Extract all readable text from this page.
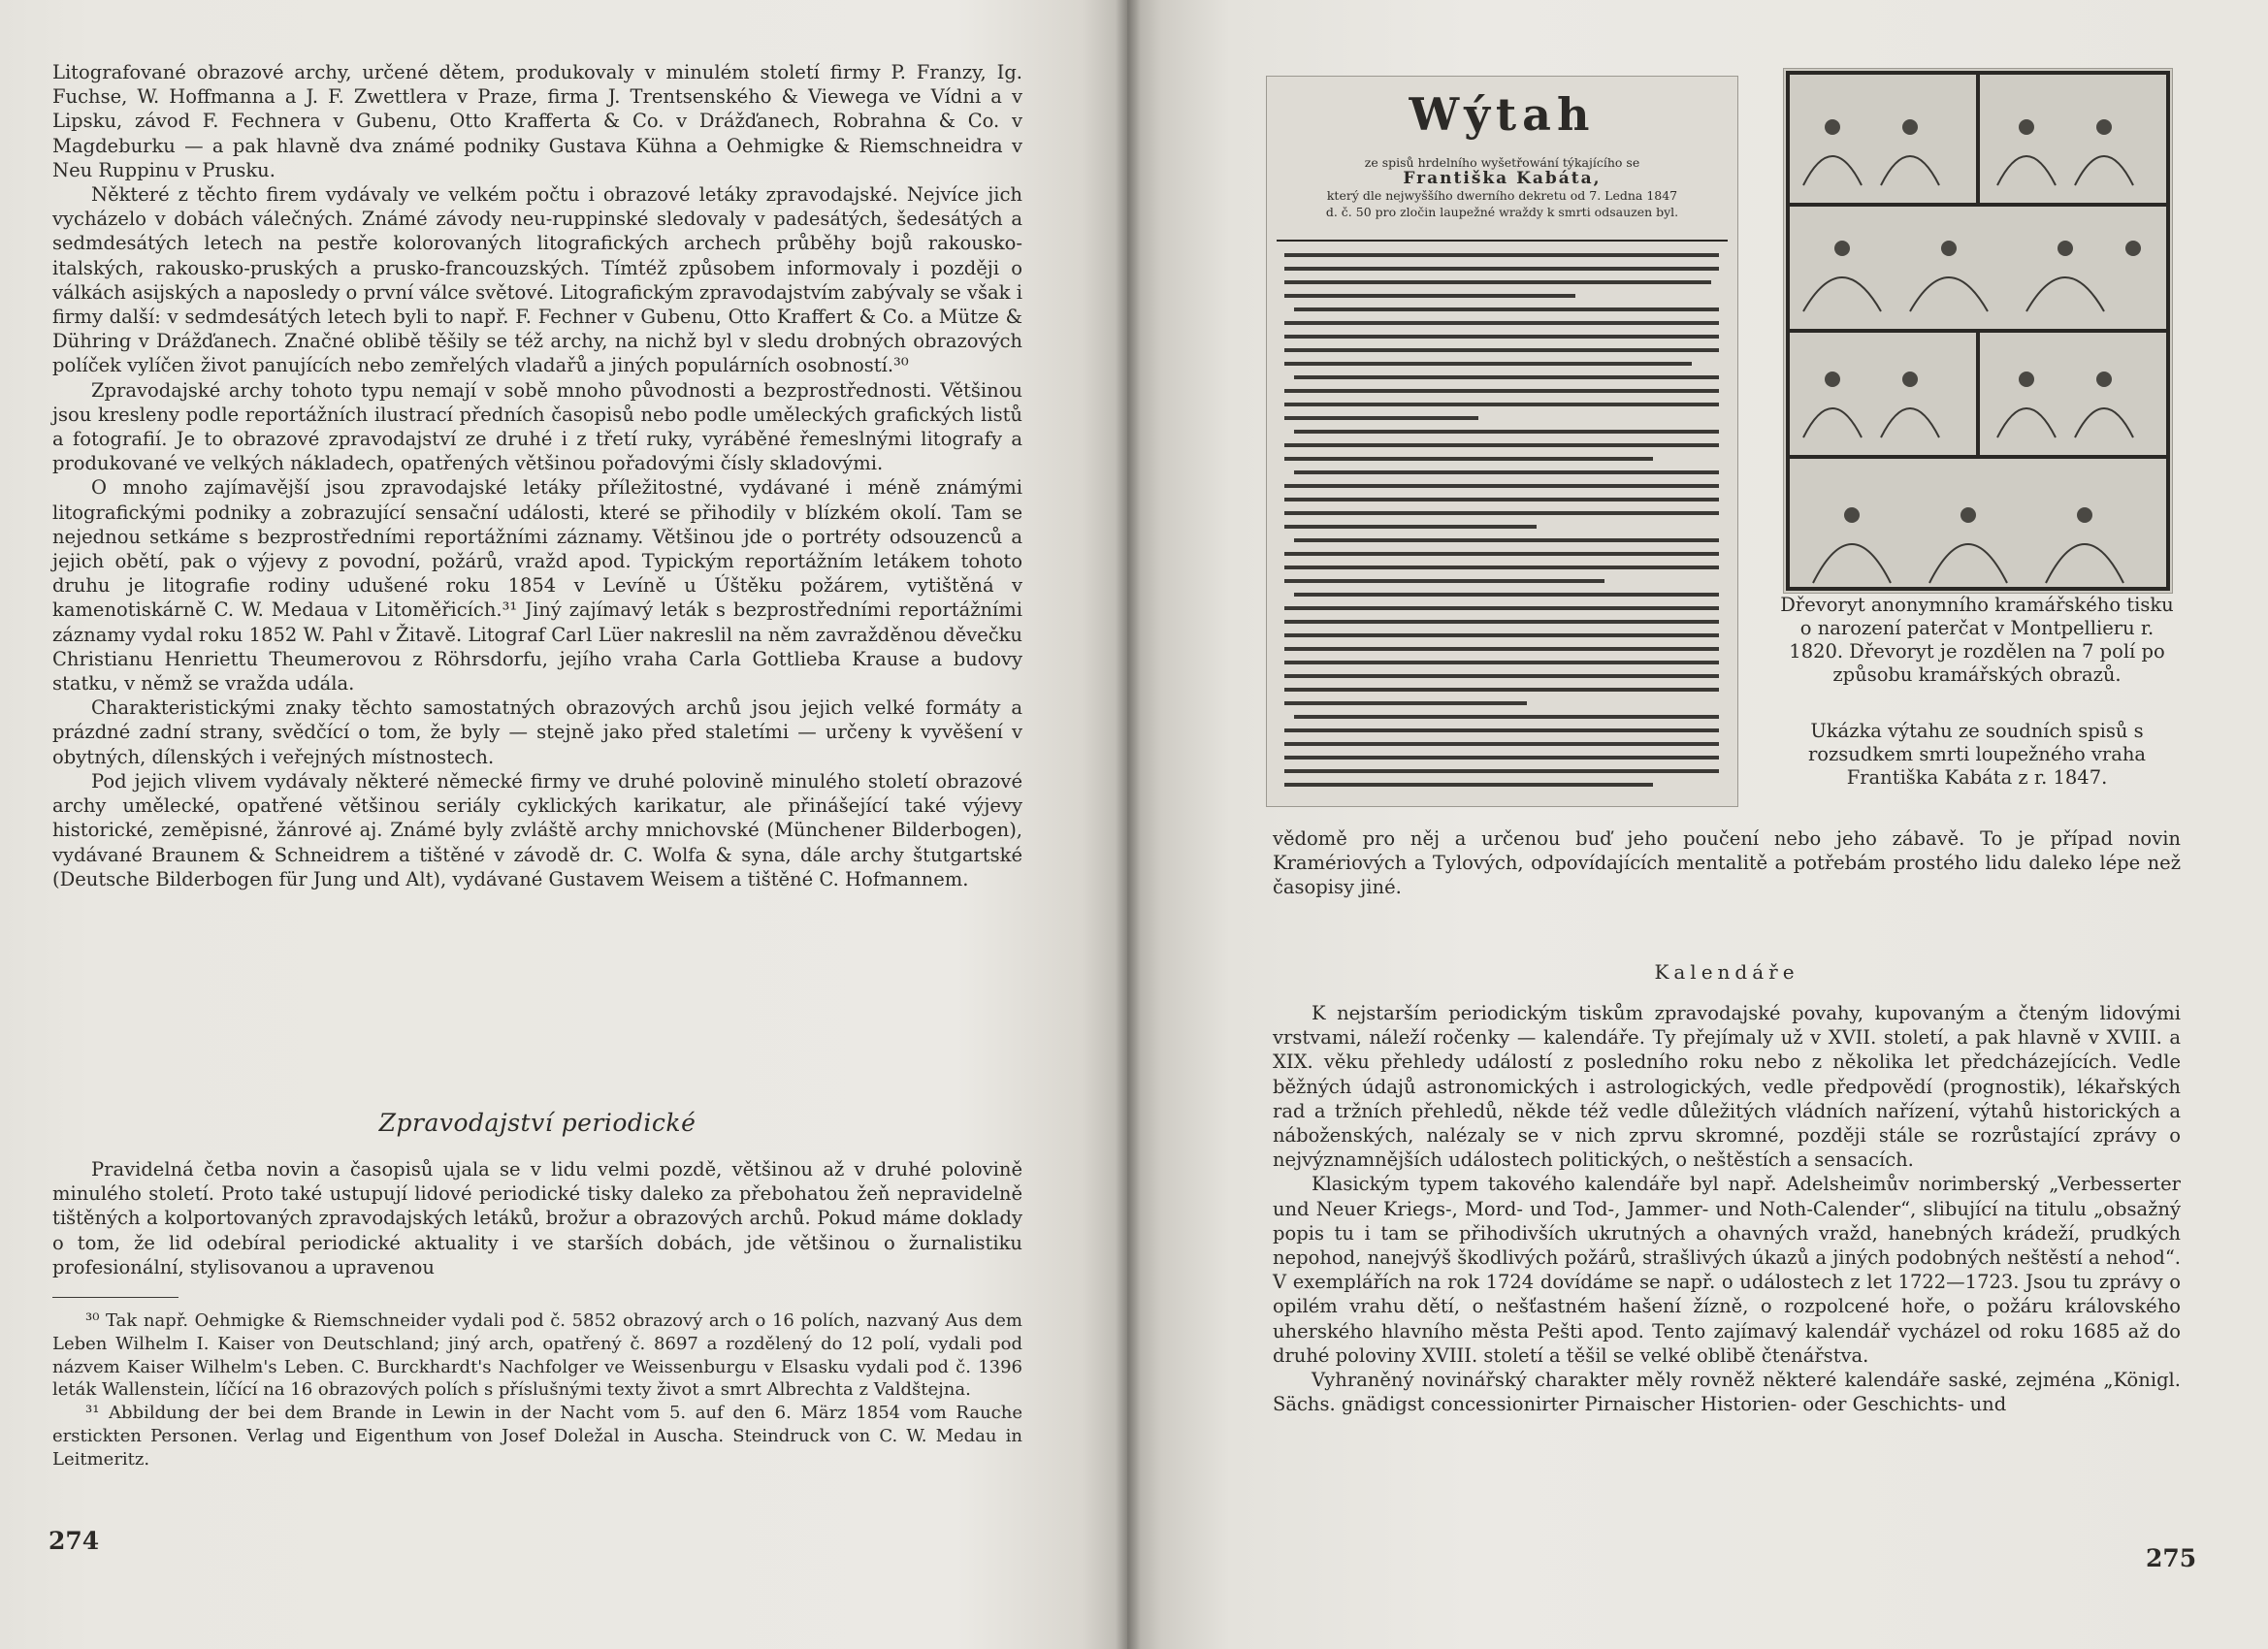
Litografované obrazové archy, určené dětem, produkovaly v minulém století firmy P. Franzy, Ig. Fuchse, W. Hoffmanna a J. F. Zwettlera v Praze, firma J. Trentsenského & Viewega ve Vídni a v Lipsku, závod F. Fechnera v Gubenu, Otto Krafferta & Co. v Drážďanech, Robrahna & Co. v Magdeburku — a pak hlavně dva známé podniky Gustava Kühna a Oehmigke & Riemschneidra v Neu Ruppinu v Prusku.

Některé z těchto firem vydávaly ve velkém počtu i obrazové letáky zpravodajské. Nejvíce jich vycházelo v dobách válečných. Známé závody neu-ruppinské sledovaly v padesátých, šedesátých a sedmdesátých letech na pestře kolorovaných litografických archech průběhy bojů rakousko-italských, rakousko-pruských a prusko-francouzských. Tímtéž způsobem informovaly i později o válkách asijských a naposledy o první válce světové. Litografickým zpravodajstvím zabývaly se však i firmy další: v sedmdesátých letech byli to např. F. Fechner v Gubenu, Otto Kraffert & Co. a Mütze & Dühring v Drážďanech. Značné oblibě těšily se též archy, na nichž byl v sledu drobných obrazových políček vylíčen život panujících nebo zemřelých vladařů a jiných populárních osobností.³⁰

Zpravodajské archy tohoto typu nemají v sobě mnoho původnosti a bezprostřednosti. Většinou jsou kresleny podle reportážních ilustrací předních časopisů nebo podle uměleckých grafických listů a fotografií. Je to obrazové zpravodajství ze druhé i z třetí ruky, vyráběné řemeslnými litografy a produkované ve velkých nákladech, opatřených většinou pořadovými čísly skladovými.

O mnoho zajímavější jsou zpravodajské letáky příležitostné, vydávané i méně známými litografickými podniky a zobrazující sensační události, které se přihodily v blízkém okolí. Tam se nejednou setkáme s bezprostředními reportážními záznamy. Většinou jde o portréty odsouzenců a jejich obětí, pak o výjevy z povodní, požárů, vražd apod. Typickým reportážním letákem tohoto druhu je litografie rodiny udušené roku 1854 v Levíně u Úštěku požárem, vytištěná v kamenotiskárně C. W. Medaua v Litoměřicích.³¹ Jiný zajímavý leták s bezprostředními reportážními záznamy vydal roku 1852 W. Pahl v Žitavě. Litograf Carl Lüer nakreslil na něm zavražděnou děvečku Christianu Henriettu Theumerovou z Röhrsdorfu, jejího vraha Carla Gottlieba Krause a budovy statku, v němž se vražda udála.

Charakteristickými znaky těchto samostatných obrazových archů jsou jejich velké formáty a prázdné zadní strany, svědčící o tom, že byly — stejně jako před staletími — určeny k vyvěšení v obytných, dílenských i veřejných místnostech.

Pod jejich vlivem vydávaly některé německé firmy ve druhé polovině minulého století obrazové archy umělecké, opatřené většinou seriály cyklických karikatur, ale přinášející také výjevy historické, zeměpisné, žánrové aj. Známé byly zvláště archy mnichovské (Münchener Bilderbogen), vydávané Braunem & Schneidrem a tištěné v závodě dr. C. Wolfa & syna, dále archy štutgartské (Deutsche Bilderbogen für Jung und Alt), vydávané Gustavem Weisem a tištěné C. Hofmannem.

Zpravodajství periodické

Pravidelná četba novin a časopisů ujala se v lidu velmi pozdě, většinou až v druhé polovině minulého století. Proto také ustupují lidové periodické tisky daleko za přebohatou žeň nepravidelně tištěných a kolportovaných zpravodajských letáků, brožur a obrazových archů. Pokud máme doklady o tom, že lid odebíral periodické aktuality i ve starších dobách, jde většinou o žurnalistiku profesionální, stylisovanou a upravenou

³⁰ Tak např. Oehmigke & Riemschneider vydali pod č. 5852 obrazový arch o 16 polích, nazvaný Aus dem Leben Wilhelm I. Kaiser von Deutschland; jiný arch, opatřený č. 8697 a rozdělený do 12 polí, vydali pod názvem Kaiser Wilhelm's Leben. C. Burckhardt's Nachfolger ve Weissenburgu v Elsasku vydali pod č. 1396 leták Wallenstein, líčící na 16 obrazových polích s příslušnými texty život a smrt Albrechta z Valdštejna.

³¹ Abbildung der bei dem Brande in Lewin in der Nacht vom 5. auf den 6. März 1854 vom Rauche erstickten Personen. Verlag und Eigenthum von Josef Doležal in Auscha. Steindruck von C. W. Medau in Leitmeritz.

274
Wýtah
ze spisů hrdelního wyšetřowání týkajícího se
Františka Kabáta,
který dle nejwyššího dwerního dekretu od 7. Ledna 1847
d. č. 50 pro zločin laupežné wraždy k smrti odsauzen byl.

Dřevoryt anonymního kramářského tisku o narození paterčat v Montpellieru r. 1820. Dřevoryt je rozdělen na 7 polí po způsobu kramářských obrazů.

Ukázka výtahu ze soudních spisů s rozsudkem smrti loupežného vraha Františka Kabáta z r. 1847.

vědomě pro něj a určenou buď jeho poučení nebo jeho zábavě. To je případ novin Kramériových a Tylových, odpovídajících mentalitě a potřebám prostého lidu daleko lépe než časopisy jiné.

Kalendáře

K nejstarším periodickým tiskům zpravodajské povahy, kupovaným a čteným lidovými vrstvami, náleží ročenky — kalendáře. Ty přejímaly už v XVII. století, a pak hlavně v XVIII. a XIX. věku přehledy událostí z posledního roku nebo z několika let předcházejících. Vedle běžných údajů astronomických i astrologických, vedle předpovědí (prognostik), lékařských rad a tržních přehledů, někde též vedle důležitých vládních nařízení, výtahů historických a náboženských, nalézaly se v nich zprvu skromné, později stále se rozrůstající zprávy o nejvýznamnějších událostech politických, o neštěstích a sensacích.

Klasickým typem takového kalendáře byl např. Adelsheimův norimberský „Verbesserter und Neuer Kriegs-, Mord- und Tod-, Jammer- und Noth-Calender“, slibující na titulu „obsažný popis tu i tam se přihodivších ukrutných a ohavných vražd, hanebných krádeží, prudkých nepohod, nanejvýš škodlivých požárů, strašlivých úkazů a jiných podobných neštěstí a nehod“. V exemplářích na rok 1724 dovídáme se např. o událostech z let 1722—1723. Jsou tu zprávy o opilém vrahu dětí, o nešťastném hašení žízně, o rozpolcené hoře, o požáru královského uherského hlavního města Pešti apod. Tento zajímavý kalendář vycházel od roku 1685 až do druhé poloviny XVIII. století a těšil se velké oblibě čtenářstva.

Vyhraněný novinářský charakter měly rovněž některé kalendáře saské, zejména „Königl. Sächs. gnädigst concessionirter Pirnaischer Historien- oder Geschichts- und

275
